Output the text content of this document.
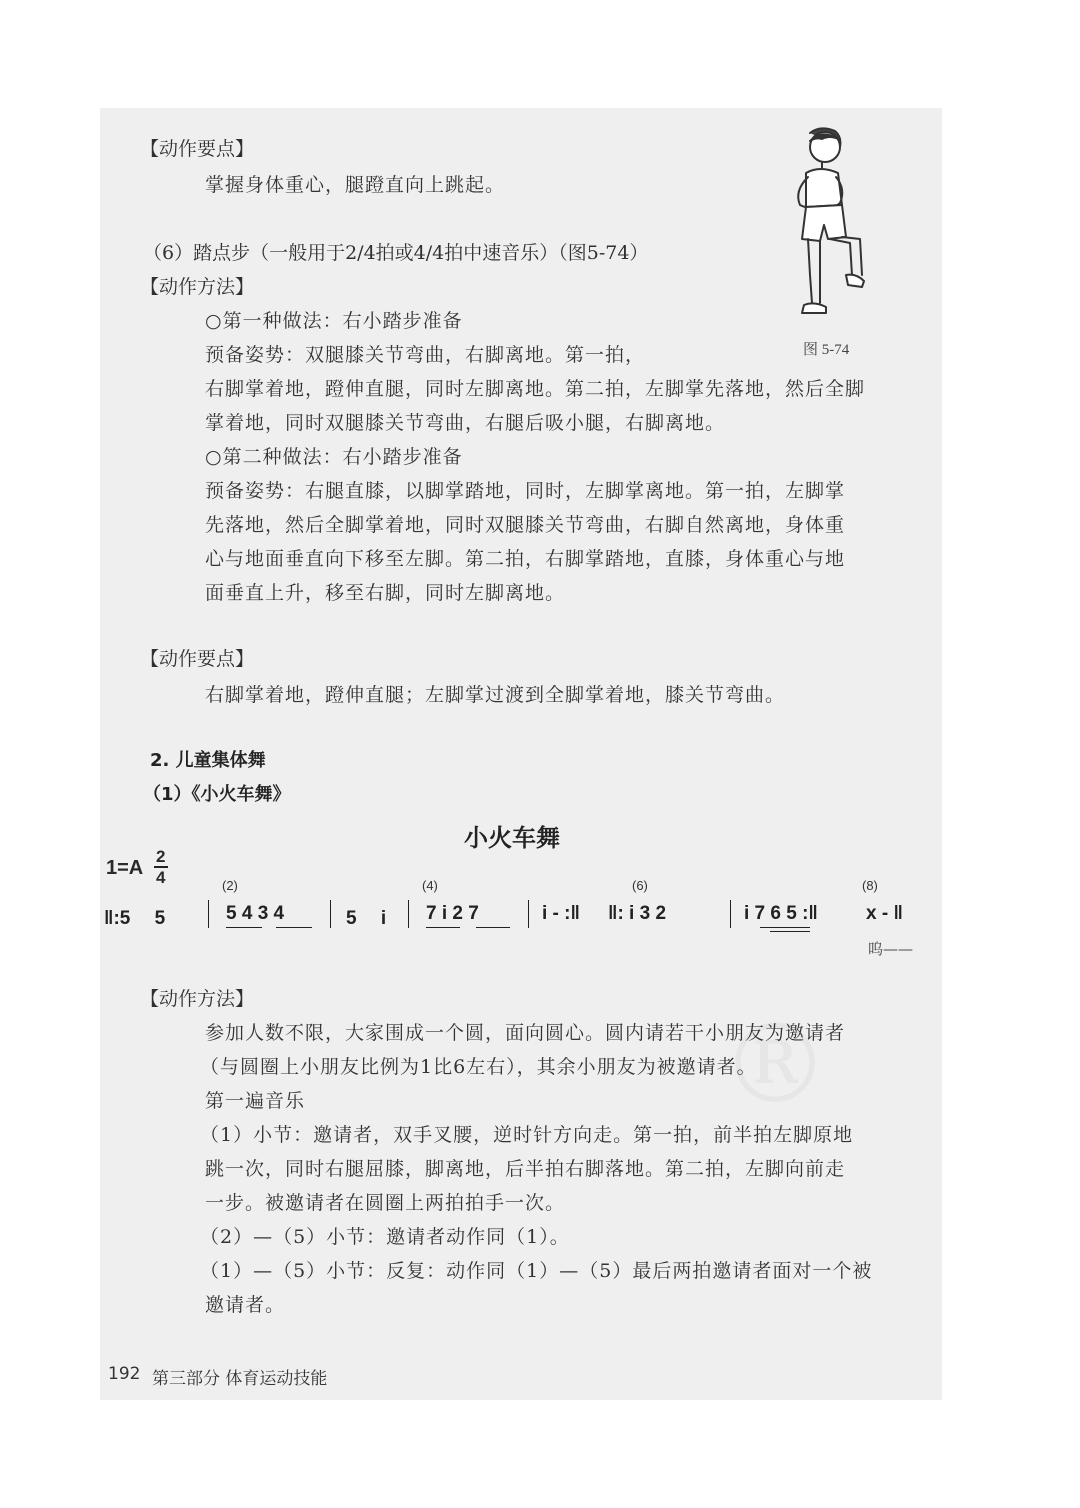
【动作要点】
掌握身体重心，腿蹬直向上跳起。
（6）踏点步（一般用于2/4拍或4/4拍中速音乐）（图5-74）
【动作方法】
○第一种做法：右小踏步准备
预备姿势：双腿膝关节弯曲，右脚离地。第一拍，
右脚掌着地，蹬伸直腿，同时左脚离地。第二拍，左脚掌先落地，然后全脚
掌着地，同时双腿膝关节弯曲，右腿后吸小腿，右脚离地。
○第二种做法：右小踏步准备
预备姿势：右腿直膝，以脚掌踏地，同时，左脚掌离地。第一拍，左脚掌
先落地，然后全脚掌着地，同时双腿膝关节弯曲，右脚自然离地，身体重
心与地面垂直向下移至左脚。第二拍，右脚掌踏地，直膝，身体重心与地
面垂直上升，移至右脚，同时左脚离地。
图 5-74
【动作要点】
右脚掌着地，蹬伸直腿；左脚掌过渡到全脚掌着地，膝关节弯曲。
2. 儿童集体舞
（1）《小火车舞》
小火车舞
1=A
2
4	(2)	(4)	(6)	(8)
‖:5　 5	5 4 3 4	5　 i 7 i 2 7	i - :‖ ‖: i 3 2	i 7 6 5 :‖	x - ‖
呜——
【动作方法】
参加人数不限，大家围成一个圆，面向圆心。圆内请若干小朋友为邀请者
（与圆圈上小朋友比例为1比6左右），其余小朋友为被邀请者。
第一遍音乐
（1）小节：邀请者，双手叉腰，逆时针方向走。第一拍，前半拍左脚原地
跳一次，同时右腿屈膝，脚离地，后半拍右脚落地。第二拍，左脚向前走
一步。被邀请者在圆圈上两拍拍手一次。
（2）—（5）小节：邀请者动作同（1）。
（1）—（5）小节：反复：动作同（1）—（5）最后两拍邀请者面对一个被
邀请者。
192 第三部分 体育运动技能
